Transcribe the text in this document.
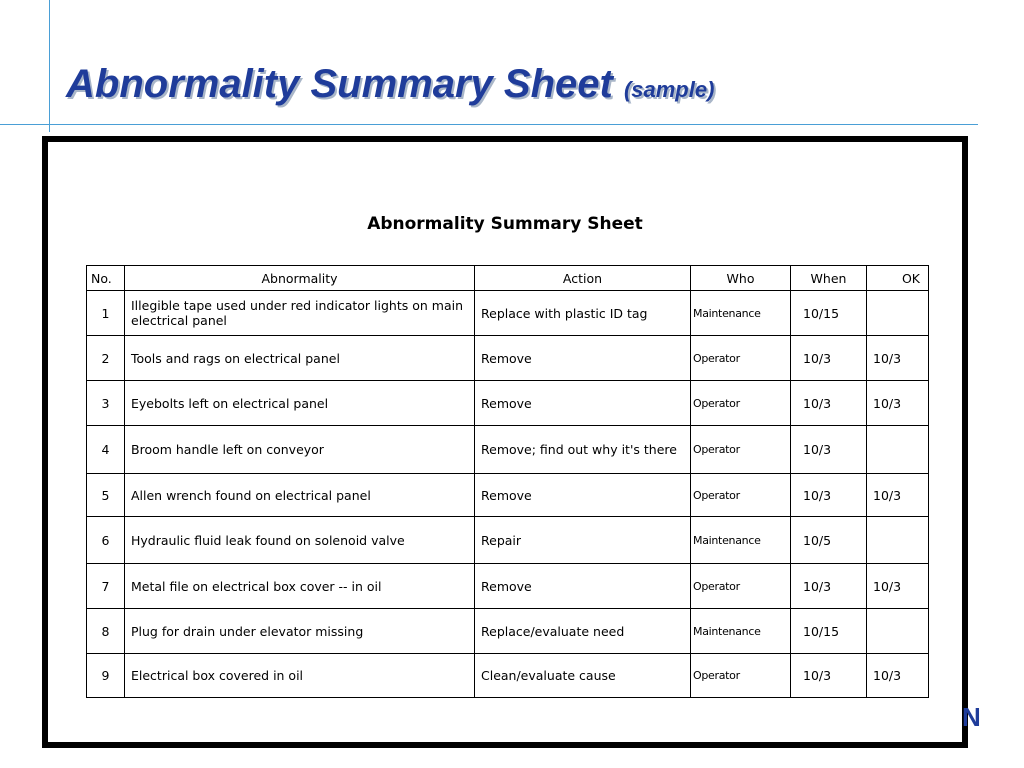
Abnormality Summary Sheet (sample)
Abnormality Summary Sheet
No.	Abnormality	Action	Who	When	OK
1	Illegible tape used under red indicator lights on main electrical panel	Replace with plastic ID tag	Maintenance	10/15	
2	Tools and rags on electrical panel	Remove	Operator	10/3	10/3
3	Eyebolts left on electrical panel	Remove	Operator	10/3	10/3
4	Broom handle left on conveyor	Remove; find out why it's there	Operator	10/3	
5	Allen wrench found on electrical panel	Remove	Operator	10/3	10/3
6	Hydraulic fluid leak found on solenoid valve	Repair	Maintenance	10/5	
7	Metal file on electrical box cover -- in oil	Remove	Operator	10/3	10/3
8	Plug for drain under elevator missing	Replace/evaluate need	Maintenance	10/15	
9	Electrical box covered in oil	Clean/evaluate cause	Operator	10/3	10/3
N
